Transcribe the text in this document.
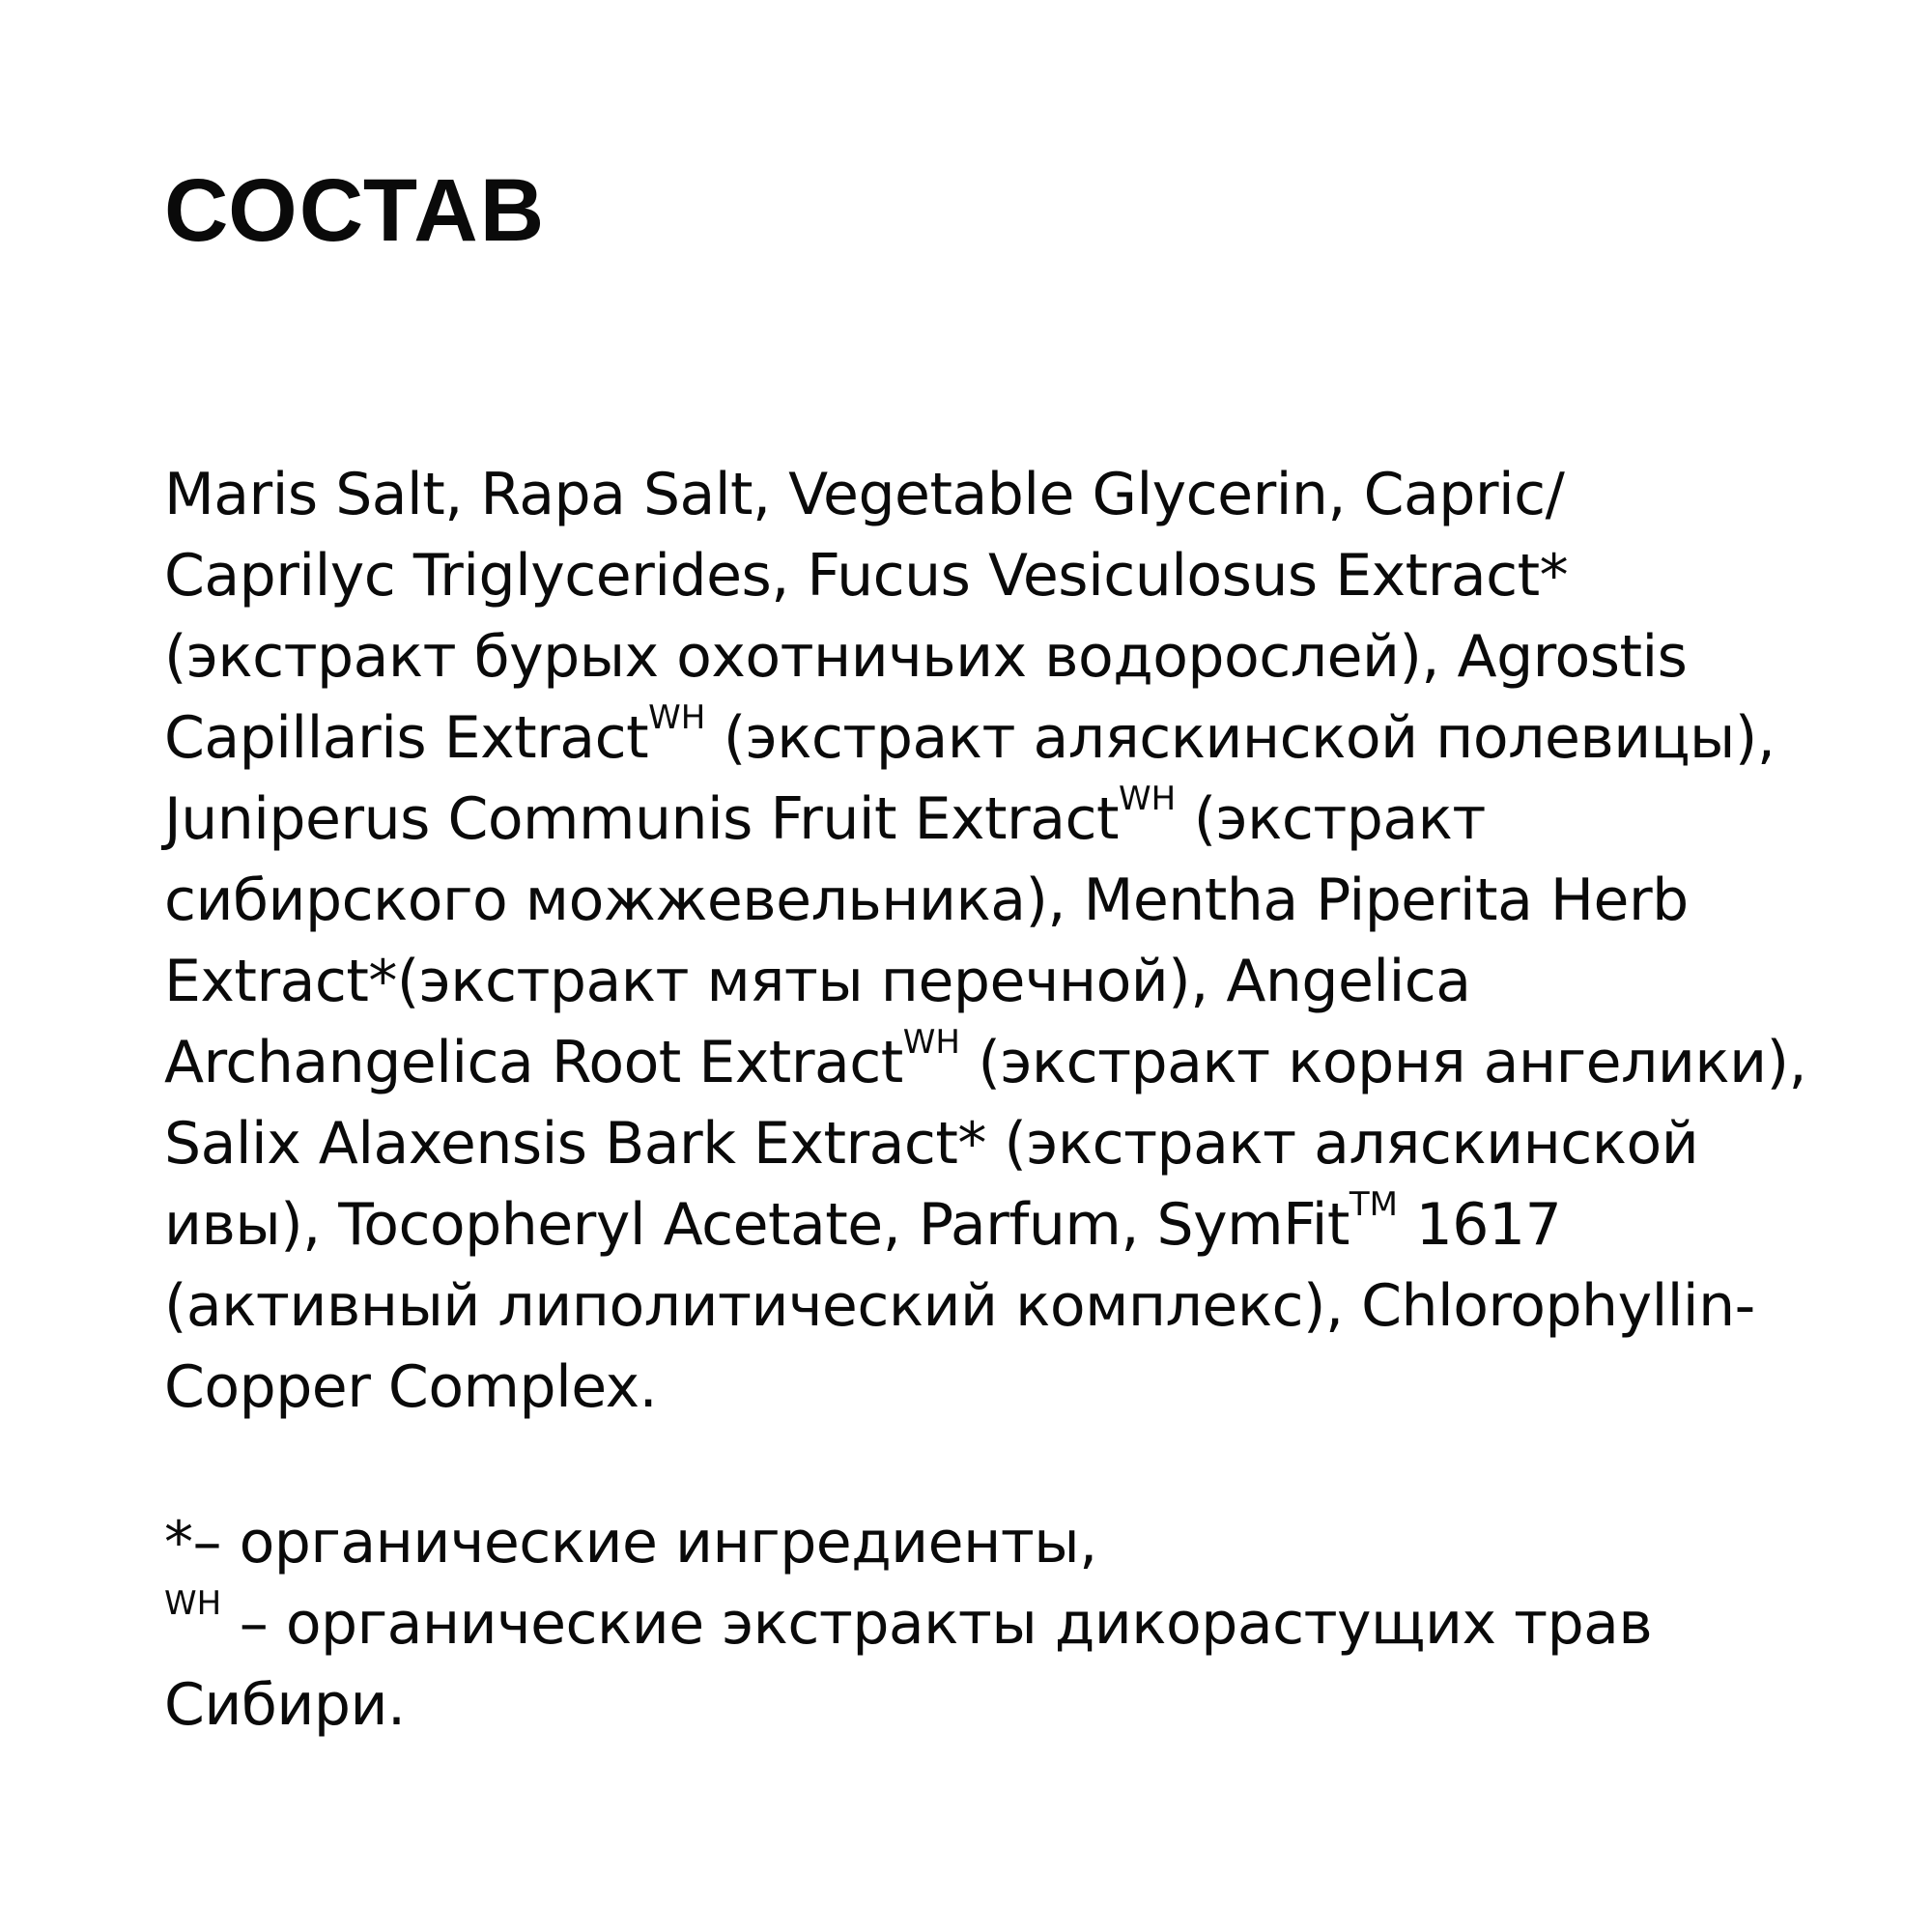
СОСТАВ
Maris Salt, Rapa Salt, Vegetable Glycerin, Capric/
Caprilyc Triglycerides, Fucus Vesiculosus Extract*
(экстракт бурых охотничьих водорослей), Agrostis
Capillaris Extract$^{WH}$ (экстракт аляскинской полевицы),
Juniperus Communis Fruit Extract$^{WH}$ (экстракт
сибирского можжевельника), Mentha Piperita Herb
Extract*(экстракт мяты перечной), Angelica
Archangelica Root Extract$^{WH}$ (экстракт корня ангелики),
Salix Alaxensis Bark Extract* (экстракт аляскинской
ивы), Tocopheryl Acetate, Parfum, SymFit™ 1617
(активный липолитический комплекс), Chlorophyllin-
Copper Complex.
*– органические ингредиенты,
$^{WH}$ – органические экстракты дикорастущих трав
Сибири.
